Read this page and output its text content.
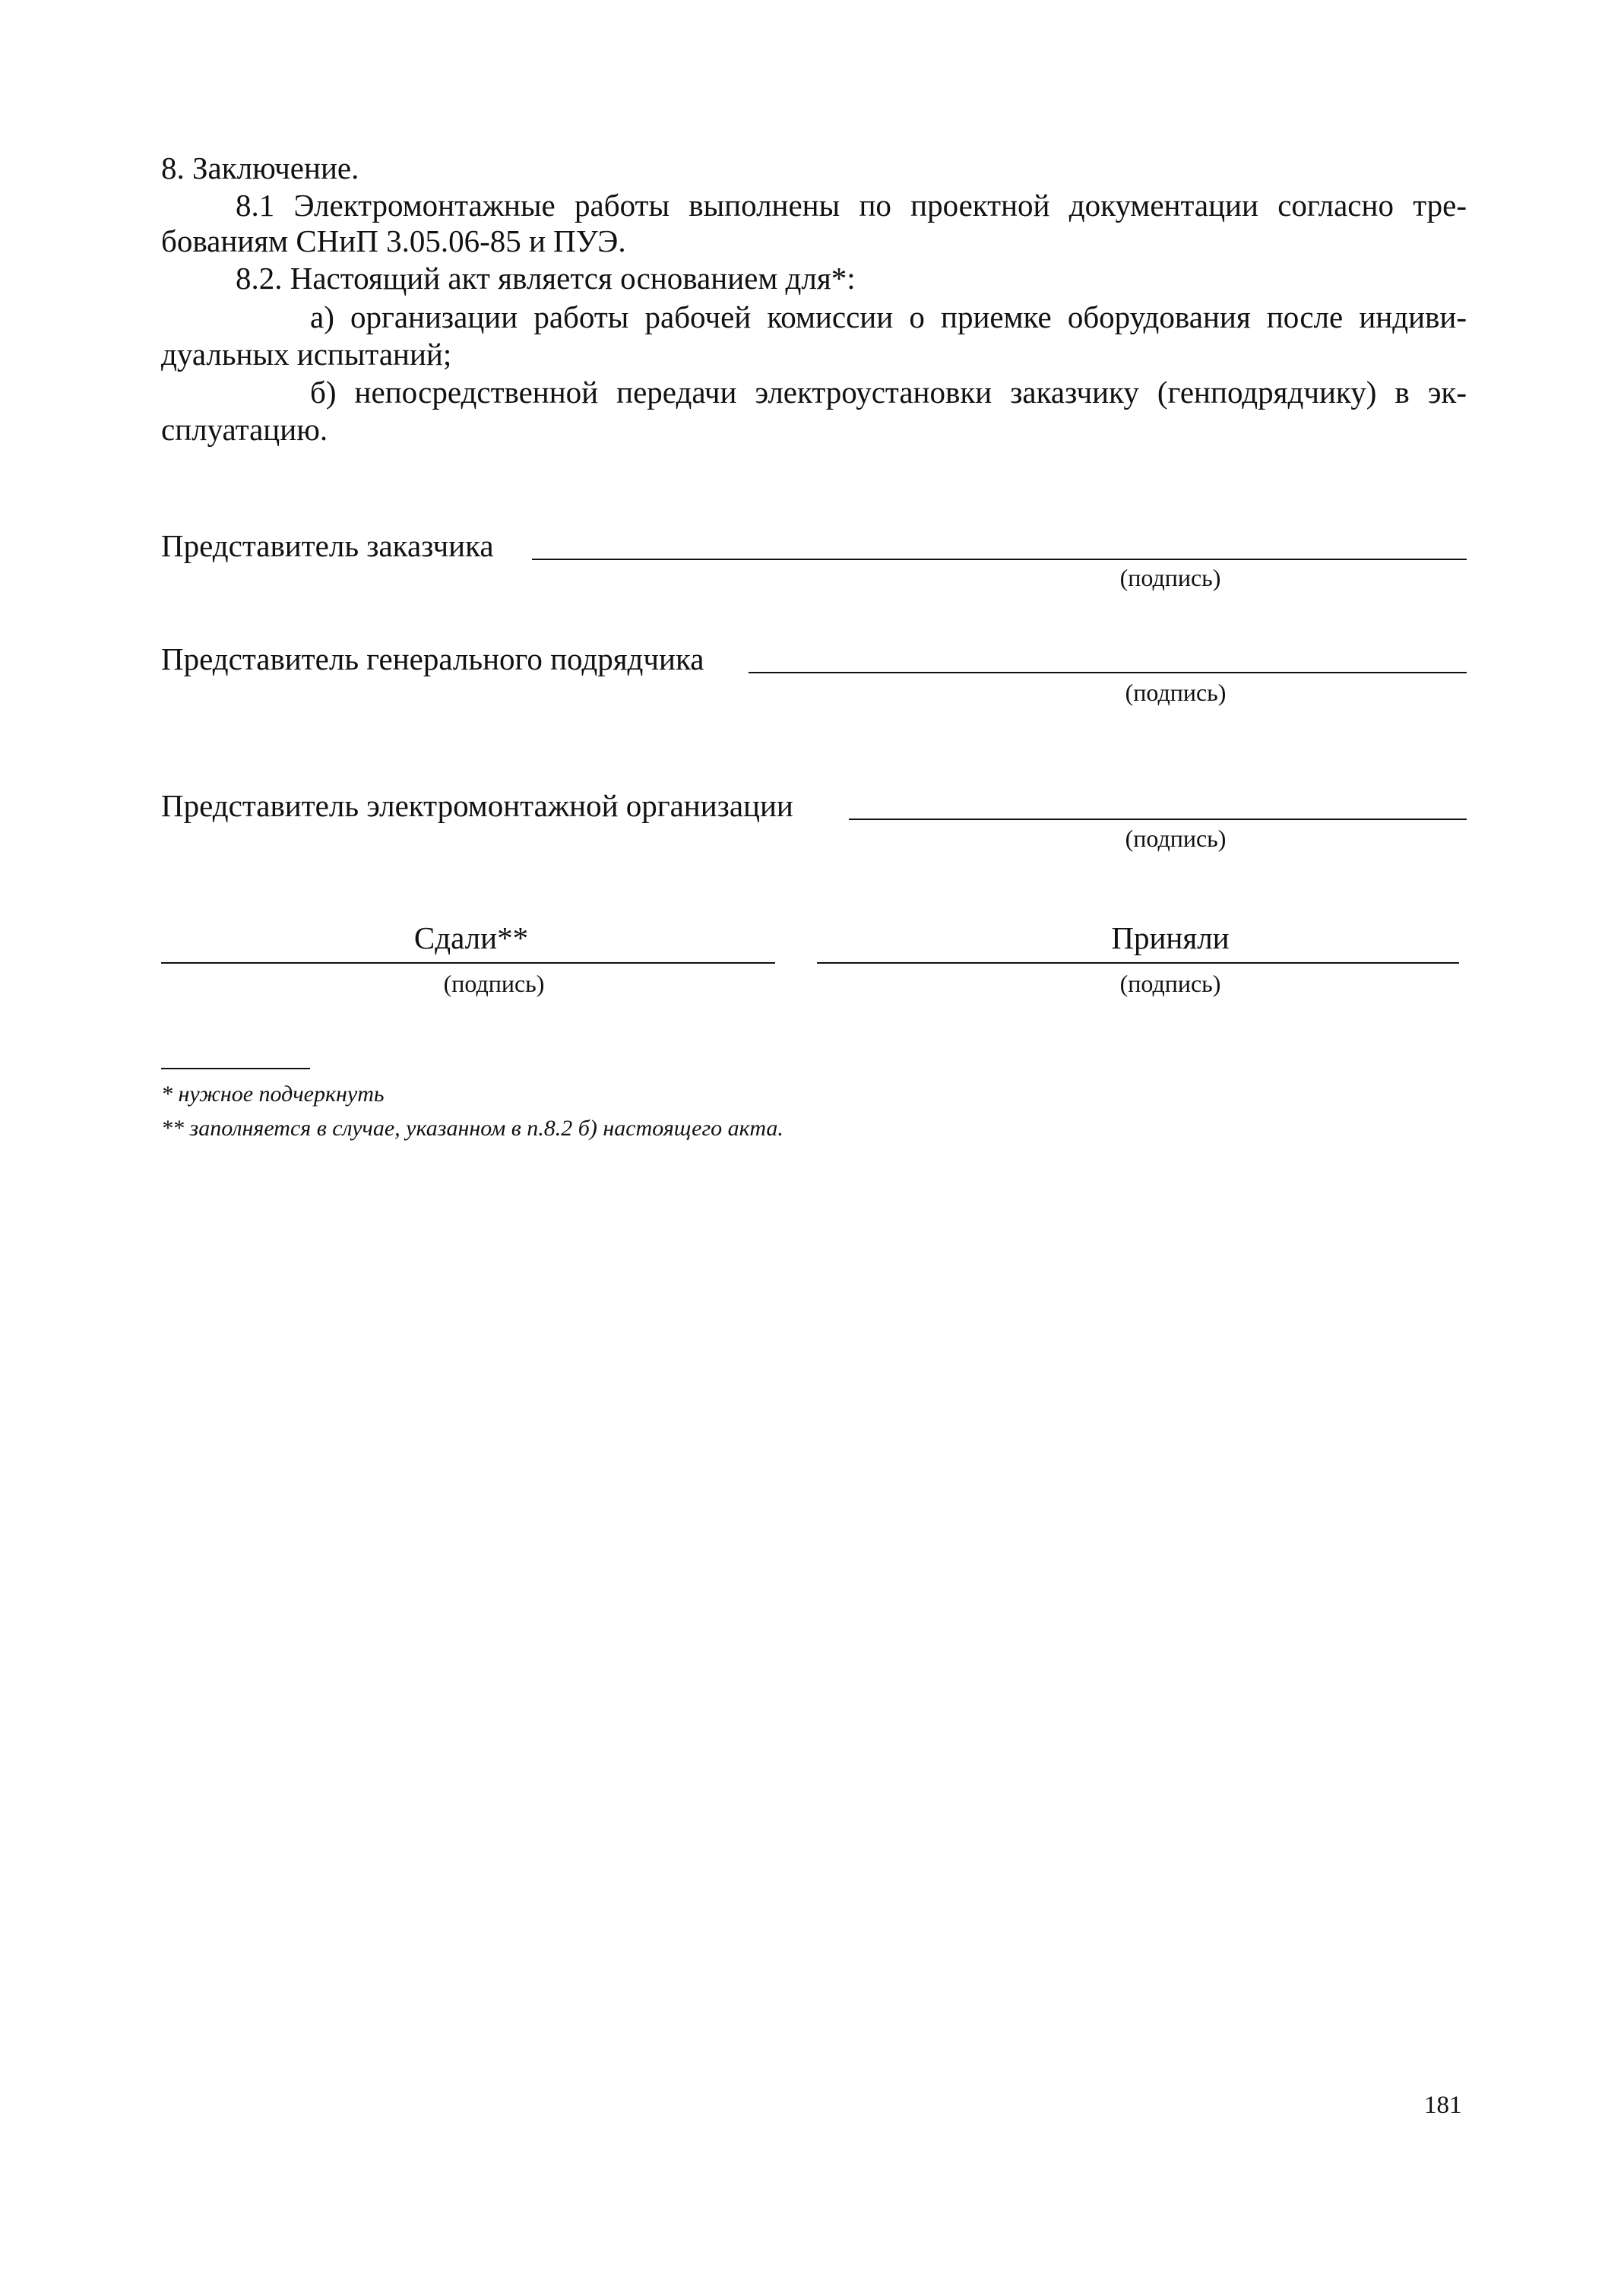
8. Заключение.
8.1 Электромонтажные работы выполнены по проектной документации согласно тре-
бованиям СНиП 3.05.06-85 и ПУЭ.
8.2. Настоящий акт является основанием для*:
а) организации работы рабочей комиссии о приемке оборудования после индиви-
дуальных испытаний;
б) непосредственной передачи электроустановки заказчику (генподрядчику) в эк-
сплуатацию.
Представитель заказчика
(подпись)
Представитель генерального подрядчика
(подпись)
Представитель электромонтажной организации
(подпись)
Сдали**
(подпись)
Приняли
(подпись)
* нужное подчеркнуть
** заполняется в случае, указанном в п.8.2 б) настоящего акта.
181
